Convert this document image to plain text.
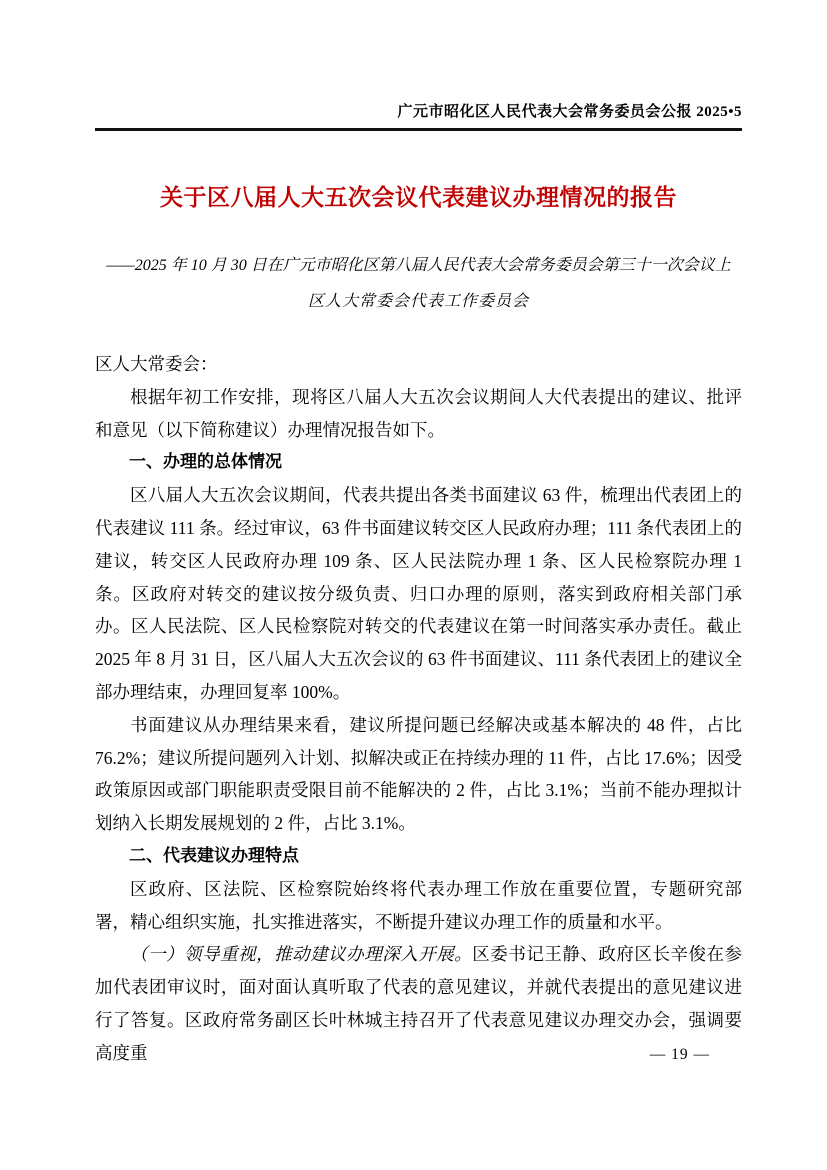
广元市昭化区人民代表大会常务委员会公报 2025•5
关于区八届人大五次会议代表建议办理情况的报告
——2025 年 10 月 30 日在广元市昭化区第八届人民代表大会常务委员会第三十一次会议上
区人大常委会代表工作委员会

区人大常委会：

根据年初工作安排，现将区八届人大五次会议期间人大代表提出的建议、批评和意见（以下简称建议）办理情况报告如下。

一、办理的总体情况

区八届人大五次会议期间，代表共提出各类书面建议 63 件，梳理出代表团上的代表建议 111 条。经过审议，63 件书面建议转交区人民政府办理；111 条代表团上的建议，转交区人民政府办理 109 条、区人民法院办理 1 条、区人民检察院办理 1 条。区政府对转交的建议按分级负责、归口办理的原则，落实到政府相关部门承办。区人民法院、区人民检察院对转交的代表建议在第一时间落实承办责任。截止 2025 年 8 月 31 日，区八届人大五次会议的 63 件书面建议、111 条代表团上的建议全部办理结束，办理回复率 100%。

书面建议从办理结果来看，建议所提问题已经解决或基本解决的 48 件，占比 76.2%；建议所提问题列入计划、拟解决或正在持续办理的 11 件，占比 17.6%；因受政策原因或部门职能职责受限目前不能解决的 2 件，占比 3.1%；当前不能办理拟计划纳入长期发展规划的 2 件，占比 3.1%。

二、代表建议办理特点

区政府、区法院、区检察院始终将代表办理工作放在重要位置，专题研究部署，精心组织实施，扎实推进落实，不断提升建议办理工作的质量和水平。

（一）领导重视，推动建议办理深入开展。区委书记王静、政府区长辛俊在参加代表团审议时，面对面认真听取了代表的意见建议，并就代表提出的意见建议进行了答复。区政府常务副区长叶林城主持召开了代表意见建议办理交办会，强调要高度重	— 19 —
